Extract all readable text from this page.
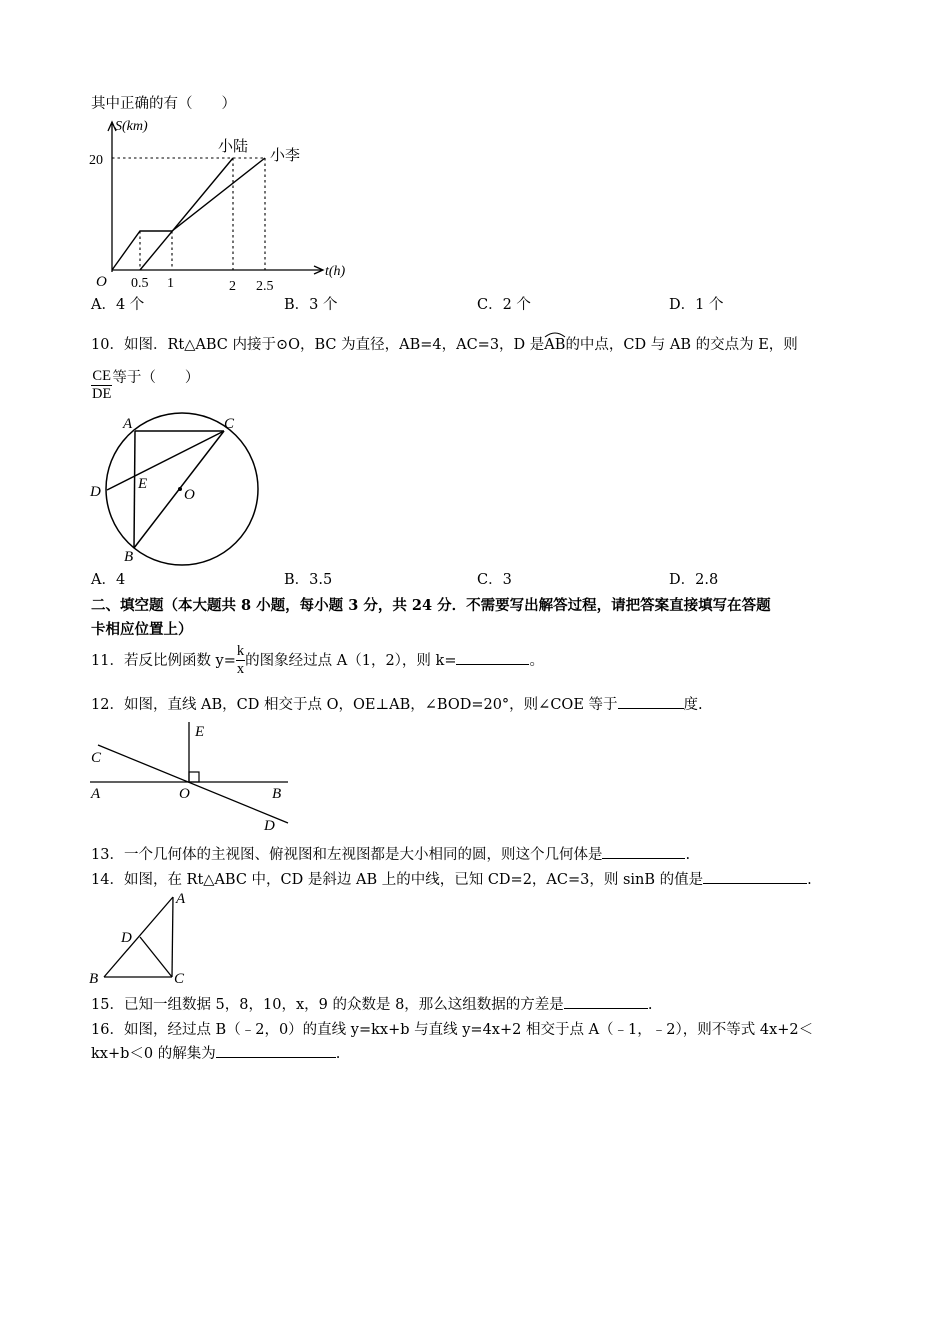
其中正确的有（　　）
S(km)
t(h)
O
20
0.5 1	2 2.5
小陆
小李
A．4 个	B．3 个	C．2 个	D．1 个
10．如图．Rt△ABC 内接于⊙O，BC 为直径，AB=4，AC=3，D 是
AB的中点，CD 与 AB 的交点为 E，则
$\frac{CE}{DE}$ 等于（　　）
A	C
D E
O
B
A．4	B．3.5	C．3	D．2.8
二、填空题（本大题共 8 小题，每小题 3 分，共 24 分．不需要写出解答过程，请把答案直接填写在答题
卡相应位置上）
11．若反比例函数 $y= \frac{k}{x}$ 的图象经过点 A（1，2），则 k=	。
12．如图，直线 AB，CD 相交于点 O，OE⊥AB，∠BOD=20°，则∠COE 等于	度.
E
C
A	O	B
D
13．一个几何体的主视图、俯视图和左视图都是大小相同的圆，则这个几何体是	.
14．如图，在 Rt△ABC 中，CD 是斜边 AB 上的中线，已知 CD=2，AC=3，则 sinB 的值是	.
A
D
B	C
15．已知一组数据 5，8，10，x，9 的众数是 8，那么这组数据的方差是	.
16．如图，经过点 B（﹣2，0）的直线 y=kx+b 与直线 y=4x+2 相交于点 A（﹣1，﹣2），则不等式 4x+2＜
kx+b＜0 的解集为	.
